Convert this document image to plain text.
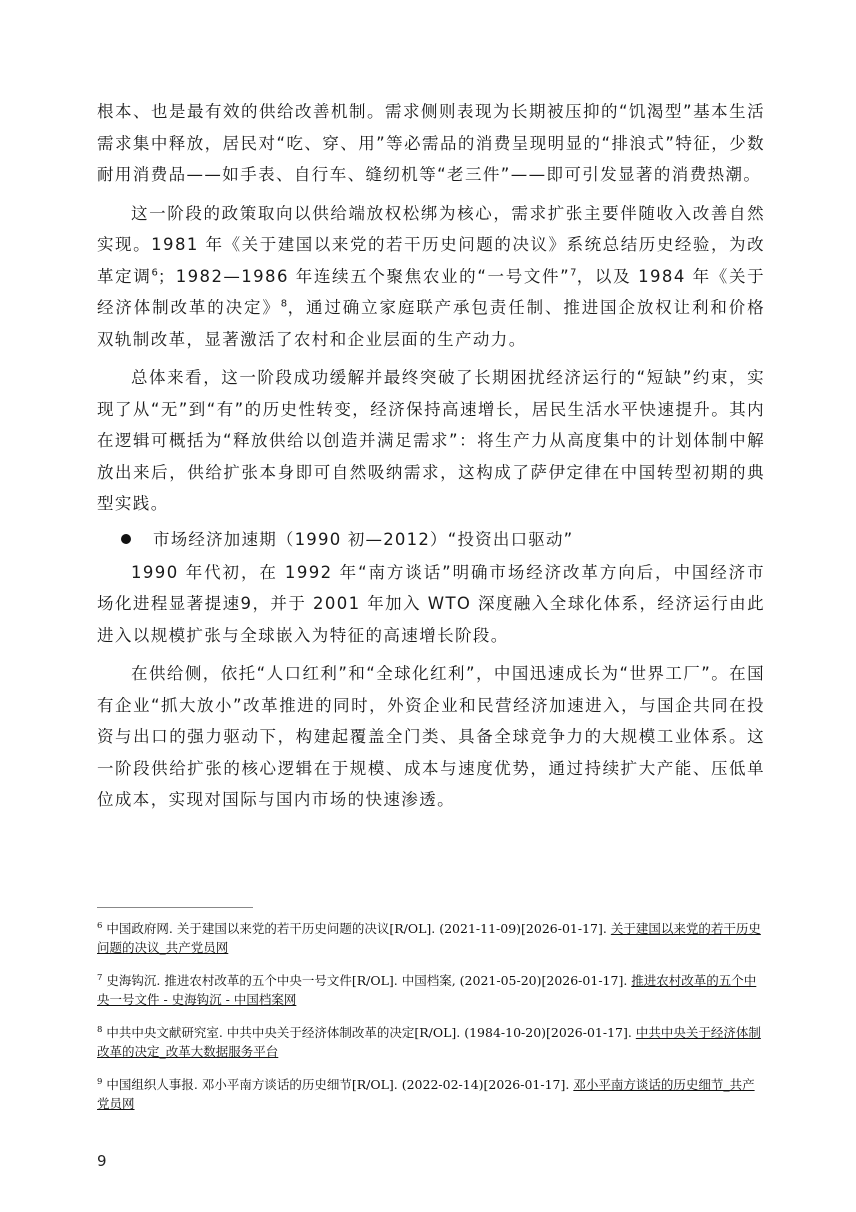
根本、也是最有效的供给改善机制。需求侧则表现为长期被压抑的“饥渴型”基本生活需求集中释放，居民对“吃、穿、用”等必需品的消费呈现明显的“排浪式”特征，少数耐用消费品——如手表、自行车、缝纫机等“老三件”——即可引发显著的消费热潮。

这一阶段的政策取向以供给端放权松绑为核心，需求扩张主要伴随收入改善自然实现。1981 年《关于建国以来党的若干历史问题的决议》系统总结历史经验，为改革定调$^6$；1982—1986 年连续五个聚焦农业的“一号文件”$^7$，以及 1984 年《关于经济体制改革的决定》$^8$，通过确立家庭联产承包责任制、推进国企放权让利和价格双轨制改革，显著激活了农村和企业层面的生产动力。

总体来看，这一阶段成功缓解并最终突破了长期困扰经济运行的“短缺”约束，实现了从“无”到“有”的历史性转变，经济保持高速增长，居民生活水平快速提升。其内在逻辑可概括为“释放供给以创造并满足需求”：将生产力从高度集中的计划体制中解放出来后，供给扩张本身即可自然吸纳需求，这构成了萨伊定律在中国转型初期的典型实践。

市场经济加速期（1990 初—2012）“投资出口驱动”

1990 年代初，在 1992 年“南方谈话”明确市场经济改革方向后，中国经济市场化进程显著提速9，并于 2001 年加入 WTO 深度融入全球化体系，经济运行由此进入以规模扩张与全球嵌入为特征的高速增长阶段。

在供给侧，依托“人口红利”和“全球化红利”，中国迅速成长为“世界工厂”。在国有企业“抓大放小”改革推进的同时，外资企业和民营经济加速进入，与国企共同在投资与出口的强力驱动下，构建起覆盖全门类、具备全球竞争力的大规模工业体系。这一阶段供给扩张的核心逻辑在于规模、成本与速度优势，通过持续扩大产能、压低单位成本，实现对国际与国内市场的快速渗透。

$^6$ 中国政府网. 关于建国以来党的若干历史问题的决议[R/OL]. (2021-11-09)[2026-01-17]. 关于建国以来党的若干历史问题的决议_共产党员网

$^7$ 史海钩沉. 推进农村改革的五个中央一号文件[R/OL]. 中国档案, (2021-05-20)[2026-01-17]. 推进农村改革的五个中央一号文件 - 史海钩沉 - 中国档案网

$^8$ 中共中央文献研究室. 中共中央关于经济体制改革的决定[R/OL]. (1984-10-20)[2026-01-17]. 中共中央关于经济体制改革的决定_改革大数据服务平台

$^9$ 中国组织人事报. 邓小平南方谈话的历史细节[R/OL]. (2022-02-14)[2026-01-17]. 邓小平南方谈话的历史细节_共产党员网

9
